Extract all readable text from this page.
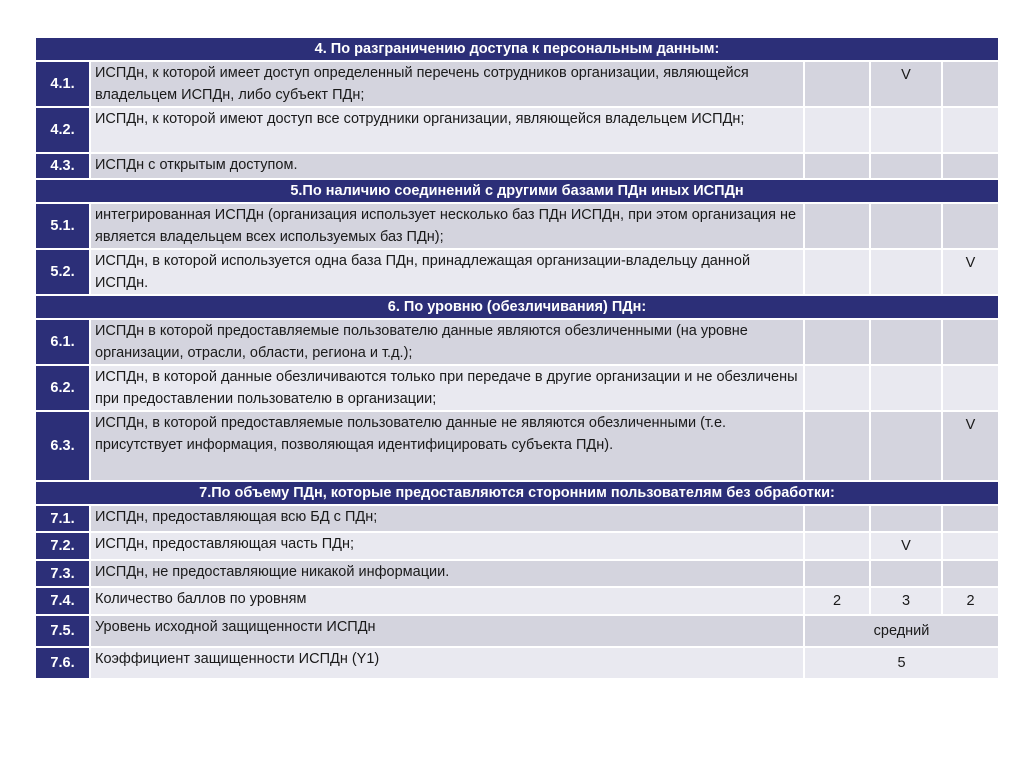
4. По разграничению доступа к персональным данным:				
4.1.	ИСПДн, к которой имеет доступ определенный перечень сотрудников организации, являющейся владельцем ИСПДн, либо субъект ПДн;		V	
4.2.	ИСПДн, к которой имеют доступ все сотрудники организации, являющейся владельцем ИСПДн;			
4.3.	ИСПДн с открытым доступом.			
5.По наличию соединений с другими базами ПДн иных ИСПДн				
5.1.	интегрированная ИСПДн (организация использует несколько баз ПДн ИСПДн, при этом организация не является владельцем всех используемых баз ПДн);			
5.2.	ИСПДн, в которой используется одна база ПДн, принадлежащая организации-владельцу данной ИСПДн.			V
6. По уровню (обезличивания) ПДн:				
6.1.	ИСПДн в которой предоставляемые пользователю данные являются обезличенными (на уровне организации, отрасли, области, региона и т.д.);			
6.2.	ИСПДн, в которой данные обезличиваются только при передаче в другие организации и не обезличены при предоставлении пользователю в организации;			
6.3.	ИСПДн, в которой предоставляемые пользователю данные не являются обезличенными (т.е. присутствует информация, позволяющая идентифицировать субъекта ПДн).			V
7.По объему ПДн, которые предоставляются сторонним пользователям без обработки:				
7.1.	ИСПДн, предоставляющая всю БД с ПДн;			
7.2.	ИСПДн, предоставляющая часть ПДн;		V	
7.3.	ИСПДн, не предоставляющие никакой информации.			
7.4.	Количество баллов по уровням	2	3	2
7.5.	Уровень исходной защищенности ИСПДн	средний		
7.6.	Коэффициент защищенности ИСПДн (Y1)	5		
